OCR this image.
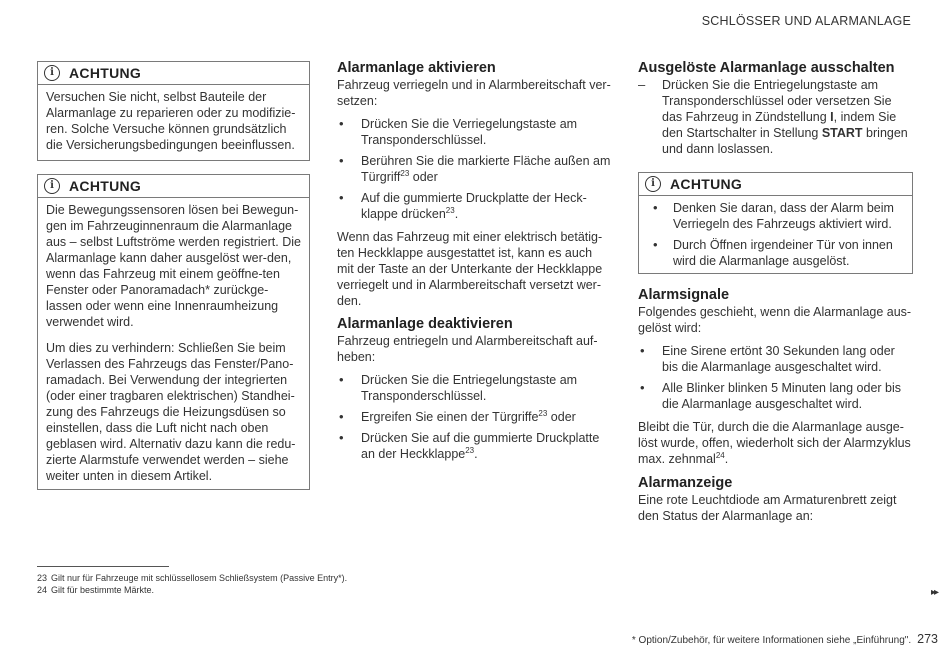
SCHLÖSSER UND ALARMANLAGE
i	ACHTUNG

Versuchen Sie nicht, selbst Bauteile der Alarmanlage zu reparieren oder zu modifizie-ren. Solche Versuche können grundsätzlich die Versicherungsbedingungen beeinflussen.

i	ACHTUNG

Die Bewegungssensoren lösen bei Bewegun-gen im Fahrzeuginnenraum die Alarmanlage aus – selbst Luftströme werden registriert. Die Alarmanlage kann daher ausgelöst wer-den, wenn das Fahrzeug mit einem geöffne-ten Fenster oder Panoramadach* zurückge-lassen oder wenn eine Innenraumheizung verwendet wird.

Um dies zu verhindern: Schließen Sie beim Verlassen des Fahrzeugs das Fenster/Pano-ramadach. Bei Verwendung der integrierten (oder einer tragbaren elektrischen) Standhei-zung des Fahrzeugs die Heizungsdüsen so einstellen, dass die Luft nicht nach oben geblasen wird. Alternativ dazu kann die redu-zierte Alarmstufe verwendet werden – siehe weiter unten in diesem Artikel.

Alarmanlage aktivieren

Fahrzeug verriegeln und in Alarmbereitschaft ver-setzen:

• Drücken Sie die Verriegelungstaste am Transponderschlüssel.
• Berühren Sie die markierte Fläche außen am Türgriff$^{23}$ oder
• Auf die gummierte Druckplatte der Heck-klappe drücken$^{23}$.

Wenn das Fahrzeug mit einer elektrisch betätig-ten Heckklappe ausgestattet ist, kann es auch mit der Taste an der Unterkante der Heckklappe verriegelt und in Alarmbereitschaft versetzt wer-den.

Alarmanlage deaktivieren

Fahrzeug entriegeln und Alarmbereitschaft auf-heben:

• Drücken Sie die Entriegelungstaste am Transponderschlüssel.
• Ergreifen Sie einen der Türgriffe$^{23}$ oder
• Drücken Sie auf die gummierte Druckplatte an der Heckklappe$^{23}$.
Ausgelöste Alarmanlage ausschalten
– Drücken Sie die Entriegelungstaste am Transponderschlüssel oder versetzen Sie das Fahrzeug in Zündstellung I, indem Sie den Startschalter in Stellung START bringen und dann loslassen.
i	ACHTUNG
• Denken Sie daran, dass der Alarm beim Verriegeln des Fahrzeugs aktiviert wird.
• Durch Öffnen irgendeiner Tür von innen wird die Alarmanlage ausgelöst.
Alarmsignale

Folgendes geschieht, wenn die Alarmanlage aus-gelöst wird:

• Eine Sirene ertönt 30 Sekunden lang oder bis die Alarmanlage ausgeschaltet wird.
• Alle Blinker blinken 5 Minuten lang oder bis die Alarmanlage ausgeschaltet wird.

Bleibt die Tür, durch die die Alarmanlage ausge-löst wurde, offen, wiederholt sich der Alarmzyklus max. zehnmal$^{24}$.

Alarmanzeige

Eine rote Leuchtdiode am Armaturenbrett zeigt den Status der Alarmanlage an:

23 Gilt nur für Fahrzeuge mit schlüssellosem Schließsystem (Passive Entry*).
24 Gilt für bestimmte Märkte.	▸▸
* Option/Zubehör, für weitere Informationen siehe „Einführung". 273
